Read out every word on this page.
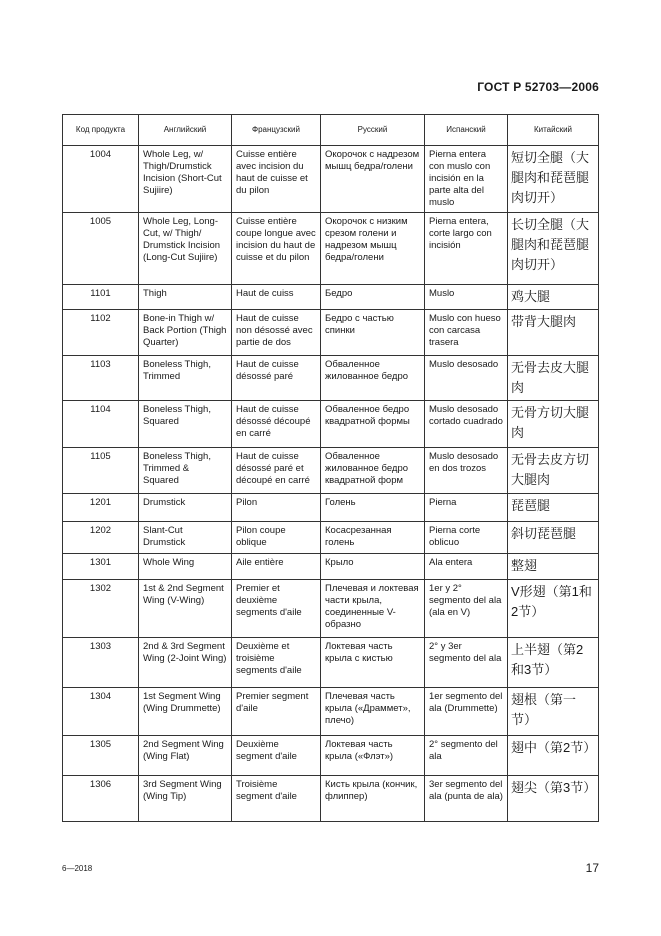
ГОСТ Р 52703—2006
Код продукта	Английский	Французский	Русский	Испанский	Китайский
1004	Whole Leg, w/ Thigh/Drumstick Incision (Short-Cut Sujiire)	Cuisse entière avec incision du haut de cuisse et du pilon	Окорочок с надрезом мышц бедра/голени	Pierna entera con muslo con incisión en la parte alta del muslo	短切全腿（大腿肉和琵琶腿肉切开）
1005	Whole Leg, Long-Cut, w/ Thigh/ Drumstick Incision (Long-Cut Sujiire)	Cuisse entière coupe longue avec incision du haut de cuisse et du pilon	Окорочок с низким срезом голени и надрезом мышц бедра/голени	Pierna entera, corte largo con incisión	长切全腿（大腿肉和琵琶腿肉切开）
1101	Thigh	Haut de cuiss	Бедро	Muslo	鸡大腿
1102	Bone-in Thigh w/ Back Portion (Thigh Quarter)	Haut de cuisse non désossé avec partie de dos	Бедро с частью спинки	Muslo con hueso con carcasa trasera	带背大腿肉
1103	Boneless Thigh, Trimmed	Haut de cuisse désossé paré	Обваленное жилованное бедро	Muslo desosado	无骨去皮大腿肉
1104	Boneless Thigh, Squared	Haut de cuisse désossé découpé en carré	Обваленное бедро квадратной формы	Muslo desosado cortado cuadrado	无骨方切大腿肉
1105	Boneless Thigh, Trimmed & Squared	Haut de cuisse désossé paré et découpé en carré	Обваленное жилованное бедро квадратной форм	Muslo desosado en dos trozos	无骨去皮方切大腿肉
1201	Drumstick	Pilon	Голень	Pierna	琵琶腿
1202	Slant-Cut Drumstick	Pilon coupe oblique	Косасрезанная голень	Pierna corte oblicuo	斜切琵琶腿
1301	Whole Wing	Aile entière	Крыло	Ala entera	整翅
1302	1st & 2nd Segment Wing (V-Wing)	Premier et deuxième segments d'aile	Плечевая и локтевая части крыла, соединенные V-образно	1er y 2° segmento del ala (ala en V)	V形翅（第1和2节）
1303	2nd & 3rd Segment Wing (2-Joint Wing)	Deuxième et troisième segments d'aile	Локтевая часть крыла с кистью	2° y 3er segmento del ala	上半翅（第2和3节）
1304	1st Segment Wing (Wing Drummette)	Premier segment d'aile	Плечевая часть крыла («Драммет», плечо)	1er segmento del ala (Drummette)	翅根（第一节）
1305	2nd Segment Wing (Wing Flat)	Deuxième segment d'aile	Локтевая часть крыла («Флэт»)	2° segmento del ala	翅中（第2节）
1306	3rd Segment Wing (Wing Tip)	Troisième segment d'aile	Кисть крыла (кончик, флиппер)	3er segmento del ala (punta de ala)	翅尖（第3节）
6—2018	17
